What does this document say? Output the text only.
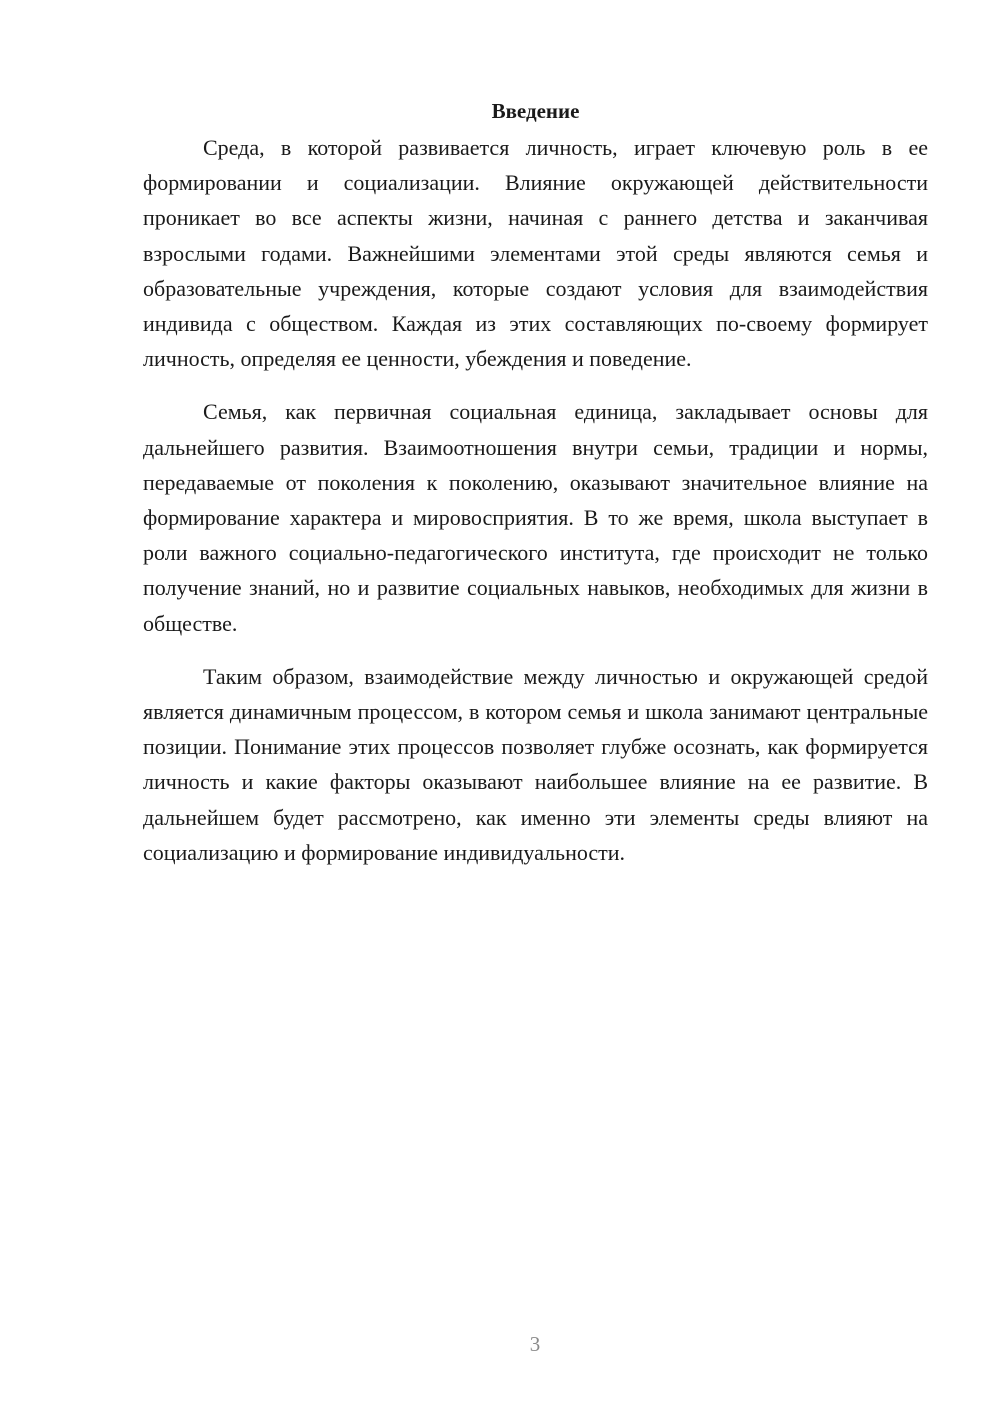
Введение

Среда, в которой развивается личность, играет ключевую роль в ее формировании и социализации. Влияние окружающей действительности проникает во все аспекты жизни, начиная с раннего детства и заканчивая взрослыми годами. Важнейшими элементами этой среды являются семья и образовательные учреждения, которые создают условия для взаимодействия индивида с обществом. Каждая из этих составляющих по-своему формирует личность, определяя ее ценности, убеждения и поведение.

Семья, как первичная социальная единица, закладывает основы для дальнейшего развития. Взаимоотношения внутри семьи, традиции и нормы, передаваемые от поколения к поколению, оказывают значительное влияние на формирование характера и мировосприятия. В то же время, школа выступает в роли важного социально-педагогического института, где происходит не только получение знаний, но и развитие социальных навыков, необходимых для жизни в обществе.

Таким образом, взаимодействие между личностью и окружающей средой является динамичным процессом, в котором семья и школа занимают центральные позиции. Понимание этих процессов позволяет глубже осознать, как формируется личность и какие факторы оказывают наибольшее влияние на ее развитие. В дальнейшем будет рассмотрено, как именно эти элементы среды влияют на социализацию и формирование индивидуальности.

3
